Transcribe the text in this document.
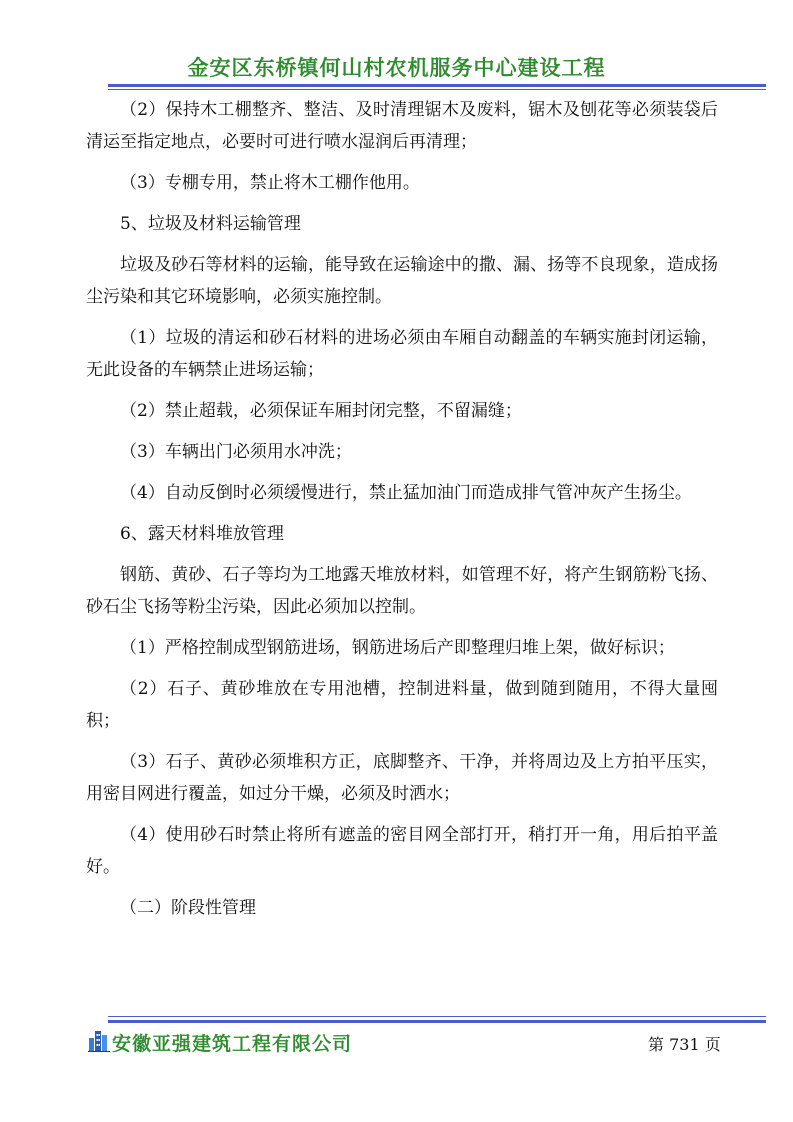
金安区东桥镇何山村农机服务中心建设工程

（2）保持木工棚整齐、整洁、及时清理锯木及废料，锯木及刨花等必须装袋后清运至指定地点，必要时可进行喷水湿润后再清理；

（3）专棚专用，禁止将木工棚作他用。

5、垃圾及材料运输管理

垃圾及砂石等材料的运输，能导致在运输途中的撒、漏、扬等不良现象，造成扬尘污染和其它环境影响，必须实施控制。

（1）垃圾的清运和砂石材料的进场必须由车厢自动翻盖的车辆实施封闭运输，无此设备的车辆禁止进场运输；

（2）禁止超载，必须保证车厢封闭完整，不留漏缝；

（3）车辆出门必须用水冲洗；

（4）自动反倒时必须缓慢进行，禁止猛加油门而造成排气管冲灰产生扬尘。

6、露天材料堆放管理

钢筋、黄砂、石子等均为工地露天堆放材料，如管理不好，将产生钢筋粉飞扬、砂石尘飞扬等粉尘污染，因此必须加以控制。

（1）严格控制成型钢筋进场，钢筋进场后产即整理归堆上架，做好标识；

（2）石子、黄砂堆放在专用池槽，控制进料量，做到随到随用，不得大量囤积；

（3）石子、黄砂必须堆积方正，底脚整齐、干净，并将周边及上方拍平压实，用密目网进行覆盖，如过分干燥，必须及时洒水；

（4）使用砂石时禁止将所有遮盖的密目网全部打开，稍打开一角，用后拍平盖好。

（二）阶段性管理

安徽亚强建筑工程有限公司	第 731 页
